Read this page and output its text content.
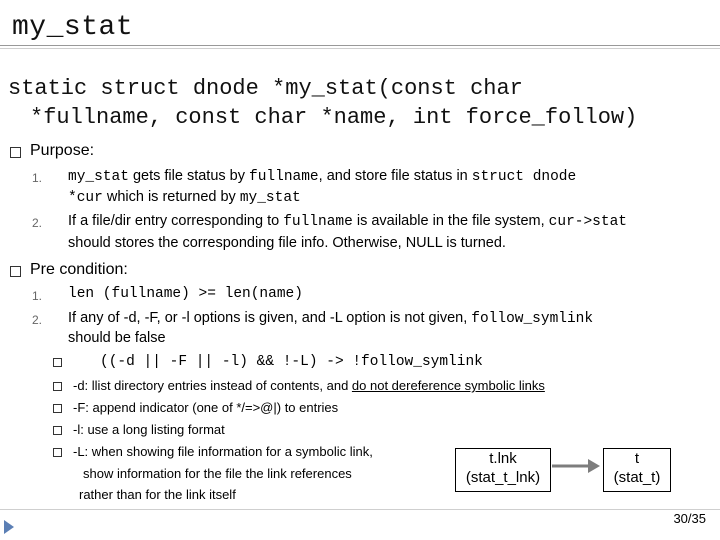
my_stat
static struct dnode *my_stat(const char
*fullname, const char *name, int force_follow)
Purpose:
1. my_stat gets file status by fullname, and store file status in struct dnode
*cur which is returned by my_stat
2. If a file/dir entry corresponding to fullname is available in the file system, cur->stat
should stores the corresponding file info. Otherwise, NULL is turned.
Pre condition:
1. len (fullname) >= len(name)
2. If any of -d, -F, or -l options is given, and -L option is not given, follow_symlink
should be false
((-d || -F || -l) && !-L) -> !follow_symlink
-d: llist directory entries instead of contents, and do not dereference symbolic links
-F: append indicator (one of */=>@|) to entries
-l: use a long listing format
-L: when showing file information for a symbolic link,
show information for the file the link references
rather than for the link itself
t.lnk
(stat_t_lnk)
t
(stat_t)
30/35
